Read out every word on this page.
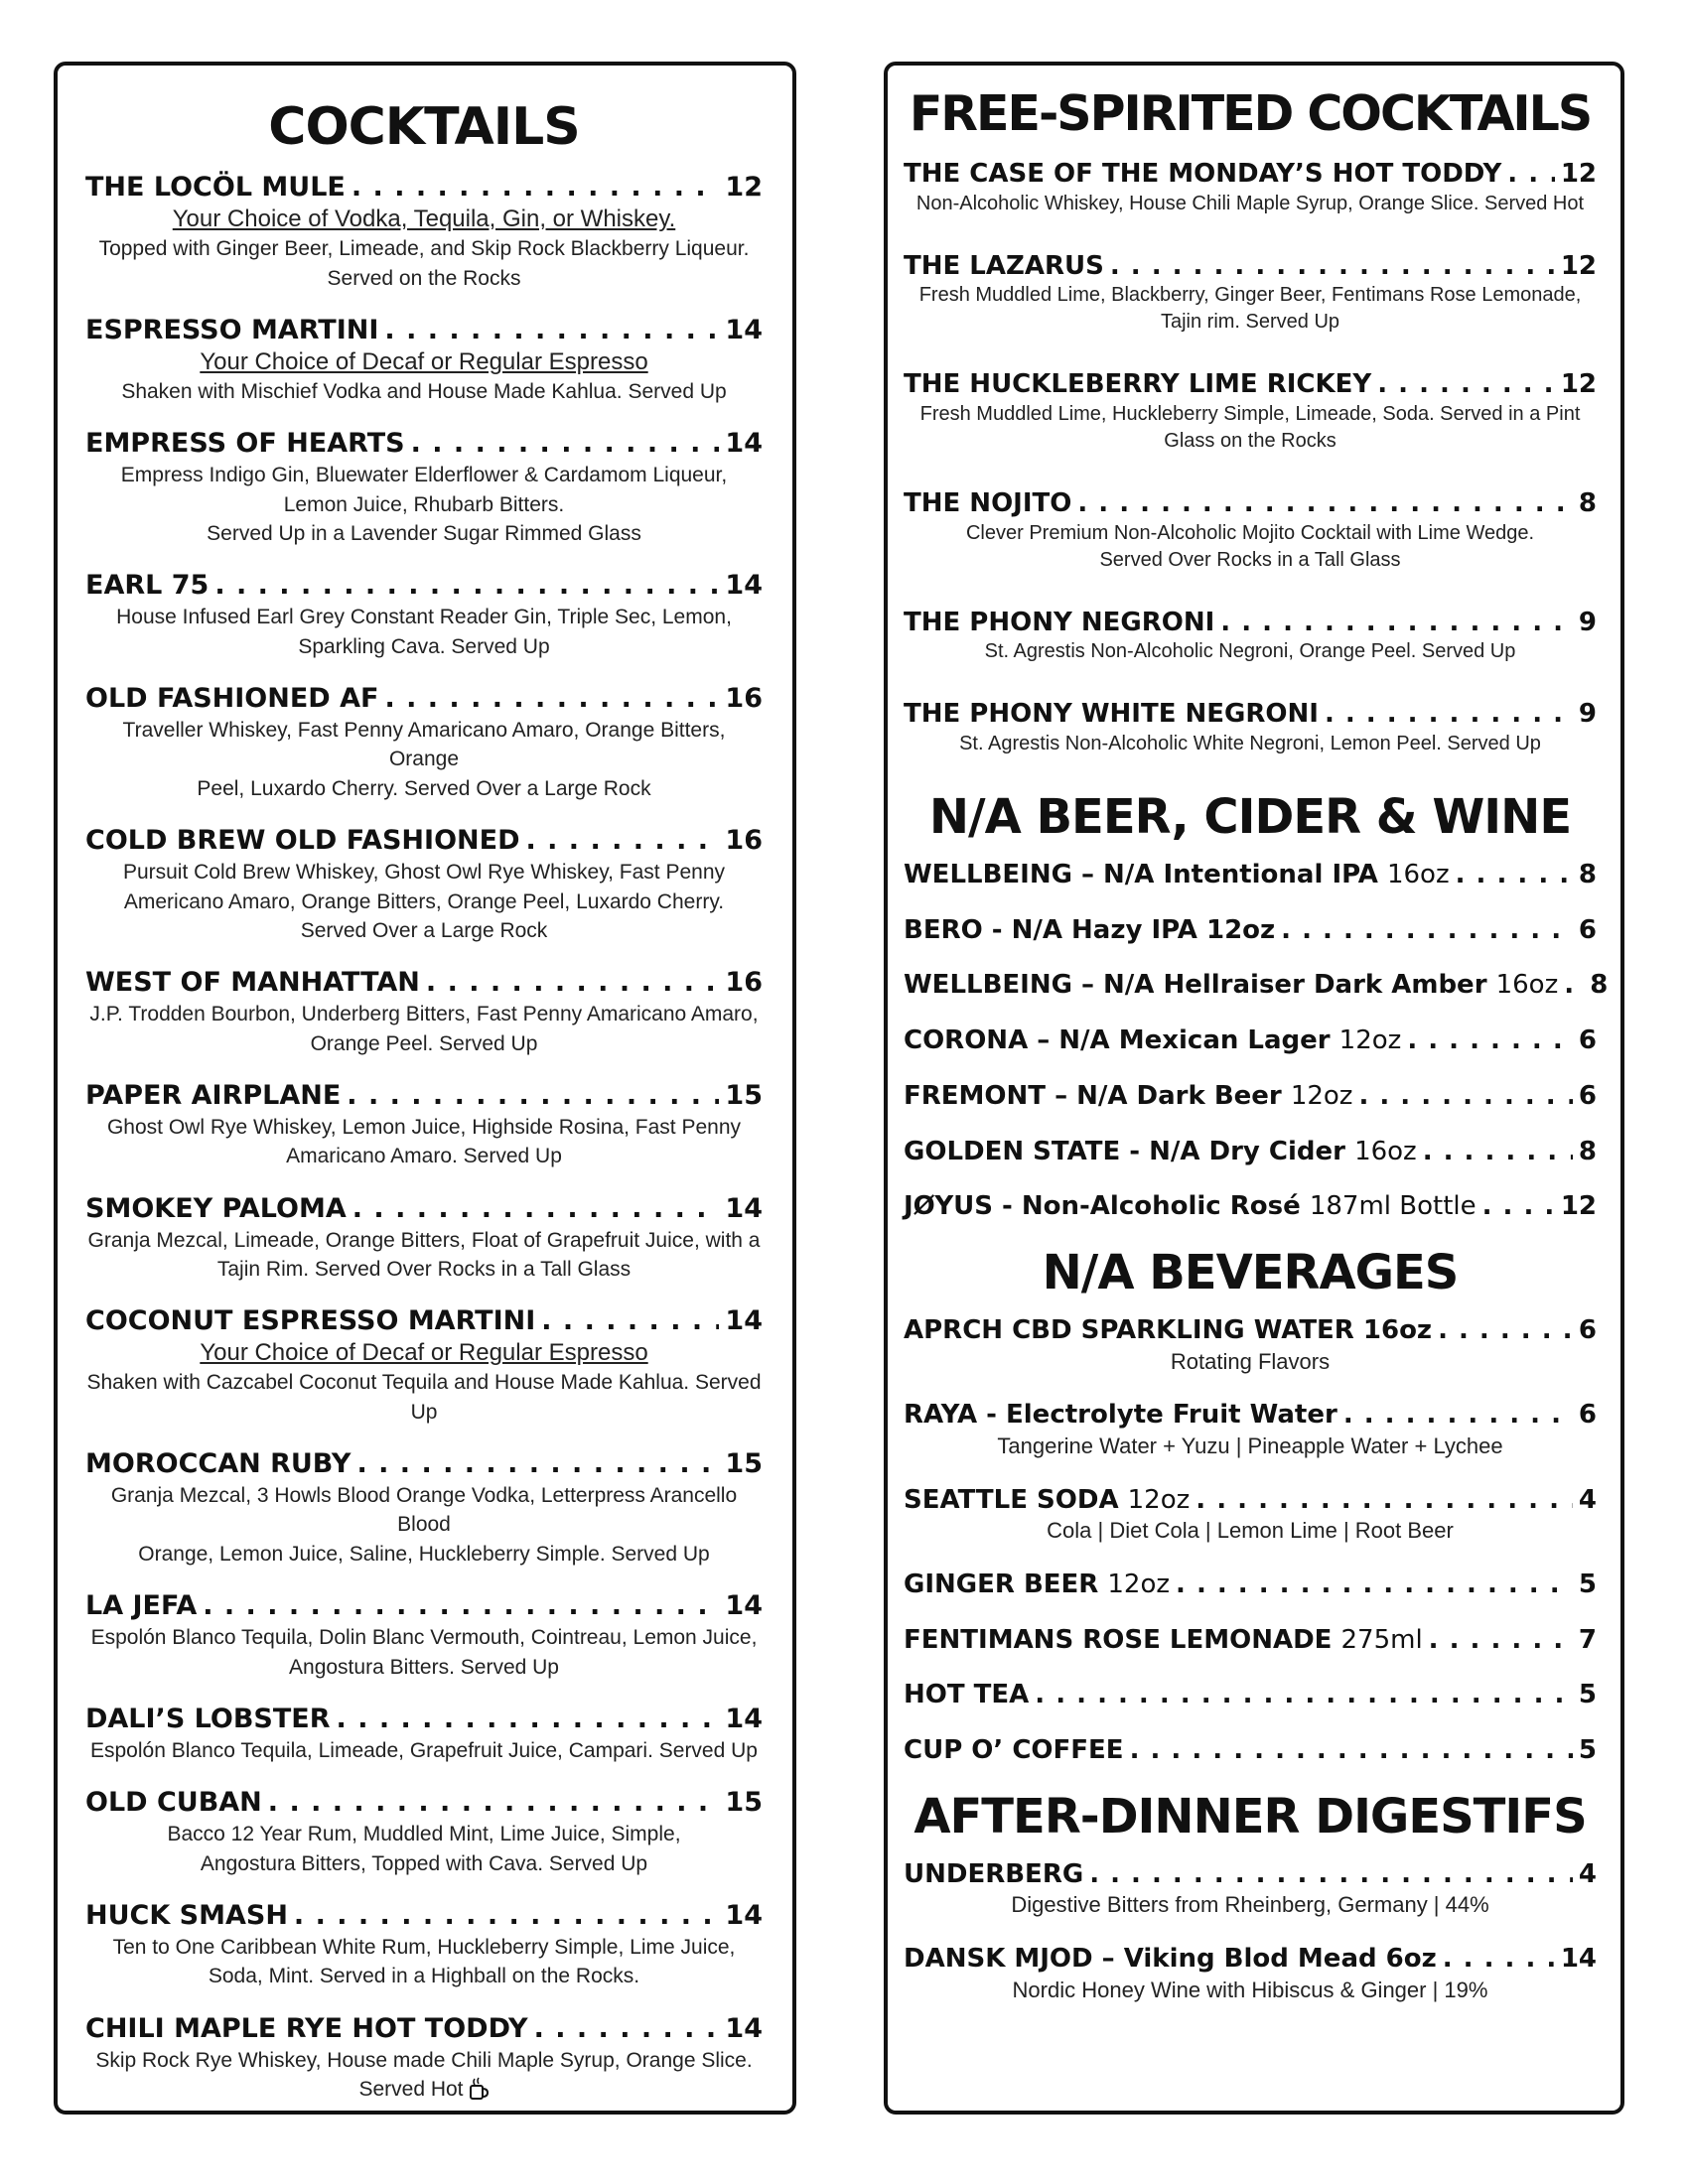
COCKTAILS
THE LOCÖL MULE . . .	12
Your Choice of Vodka, Tequila, Gin, or Whiskey.
Topped with Ginger Beer, Limeade, and Skip Rock Blackberry Liqueur.
Served on the Rocks
ESPRESSO MARTINI . . .	14
Your Choice of Decaf or Regular Espresso
Shaken with Mischief Vodka and House Made Kahlua. Served Up
EMPRESS OF HEARTS . . .	14
Empress Indigo Gin, Bluewater Elderflower & Cardamom Liqueur,
Lemon Juice, Rhubarb Bitters.
Served Up in a Lavender Sugar Rimmed Glass
EARL 75 . . .	14
House Infused Earl Grey Constant Reader Gin, Triple Sec, Lemon,
Sparkling Cava. Served Up
OLD FASHIONED AF . . .	16
Traveller Whiskey, Fast Penny Amaricano Amaro, Orange Bitters, Orange
Peel, Luxardo Cherry. Served Over a Large Rock
COLD BREW OLD FASHIONED . . .	16
Pursuit Cold Brew Whiskey, Ghost Owl Rye Whiskey, Fast Penny
Americano Amaro, Orange Bitters, Orange Peel, Luxardo Cherry.
Served Over a Large Rock
WEST OF MANHATTAN . . .	16
J.P. Trodden Bourbon, Underberg Bitters, Fast Penny Amaricano Amaro,
Orange Peel. Served Up
PAPER AIRPLANE . . .	15
Ghost Owl Rye Whiskey, Lemon Juice, Highside Rosina, Fast Penny
Amaricano Amaro. Served Up
SMOKEY PALOMA . . .	14
Granja Mezcal, Limeade, Orange Bitters, Float of Grapefruit Juice, with a
Tajin Rim. Served Over Rocks in a Tall Glass
COCONUT ESPRESSO MARTINI . . .	14
Your Choice of Decaf or Regular Espresso
Shaken with Cazcabel Coconut Tequila and House Made Kahlua. Served Up
MOROCCAN RUBY . . .	15
Granja Mezcal, 3 Howls Blood Orange Vodka, Letterpress Arancello Blood
Orange, Lemon Juice, Saline, Huckleberry Simple. Served Up
LA JEFA . . .	14
Espolón Blanco Tequila, Dolin Blanc Vermouth, Cointreau, Lemon Juice,
Angostura Bitters. Served Up
DALI’S LOBSTER . . .	14
Espolón Blanco Tequila, Limeade, Grapefruit Juice, Campari. Served Up
OLD CUBAN . . .	15
Bacco 12 Year Rum, Muddled Mint, Lime Juice, Simple,
Angostura Bitters, Topped with Cava. Served Up
HUCK SMASH . . .	14
Ten to One Caribbean White Rum, Huckleberry Simple, Lime Juice,
Soda, Mint. Served in a Highball on the Rocks.
CHILI MAPLE RYE HOT TODDY . . .	14
Skip Rock Rye Whiskey, House made Chili Maple Syrup, Orange Slice.
Served Hot
FREE-SPIRITED COCKTAILS
THE CASE OF THE MONDAY’S HOT TODDY . . . 12
Non-Alcoholic Whiskey, House Chili Maple Syrup, Orange Slice. Served Hot
THE LAZARUS . . .	12
Fresh Muddled Lime, Blackberry, Ginger Beer, Fentimans Rose Lemonade,
Tajin rim. Served Up
THE HUCKLEBERRY LIME RICKEY . . .	12
Fresh Muddled Lime, Huckleberry Simple, Limeade, Soda. Served in a Pint
Glass on the Rocks
THE NOJITO . . .	8
Clever Premium Non-Alcoholic Mojito Cocktail with Lime Wedge.
Served Over Rocks in a Tall Glass
THE PHONY NEGRONI . . .	9
St. Agrestis Non-Alcoholic Negroni, Orange Peel. Served Up
THE PHONY WHITE NEGRONI . . .	9
St. Agrestis Non-Alcoholic White Negroni, Lemon Peel. Served Up
N/A BEER, CIDER & WINE
WELLBEING – N/A Intentional IPA 16oz . . .	8
BERO - N/A Hazy IPA 12oz . . .	6
WELLBEING – N/A Hellraiser Dark Amber 16oz . . . 8
CORONA – N/A Mexican Lager 12oz . . .	6
FREMONT – N/A Dark Beer 12oz . . .	6
GOLDEN STATE - N/A Dry Cider 16oz . . .	8
JØYUS - Non-Alcoholic Rosé 187ml Bottle . . .	12
N/A BEVERAGES
APRCH CBD SPARKLING WATER 16oz . . .	6
Rotating Flavors
RAYA - Electrolyte Fruit Water . . .	6
Tangerine Water + Yuzu | Pineapple Water + Lychee
SEATTLE SODA 12oz . . .	4
Cola | Diet Cola | Lemon Lime | Root Beer
GINGER BEER 12oz . . .	5
FENTIMANS ROSE LEMONADE 275ml . . .	7
HOT TEA . . .	5
CUP O’ COFFEE . . .	5
AFTER-DINNER DIGESTIFS
UNDERBERG . . .	4
Digestive Bitters from Rheinberg, Germany | 44%
DANSK MJOD – Viking Blod Mead 6oz . . .	14
Nordic Honey Wine with Hibiscus & Ginger | 19%
